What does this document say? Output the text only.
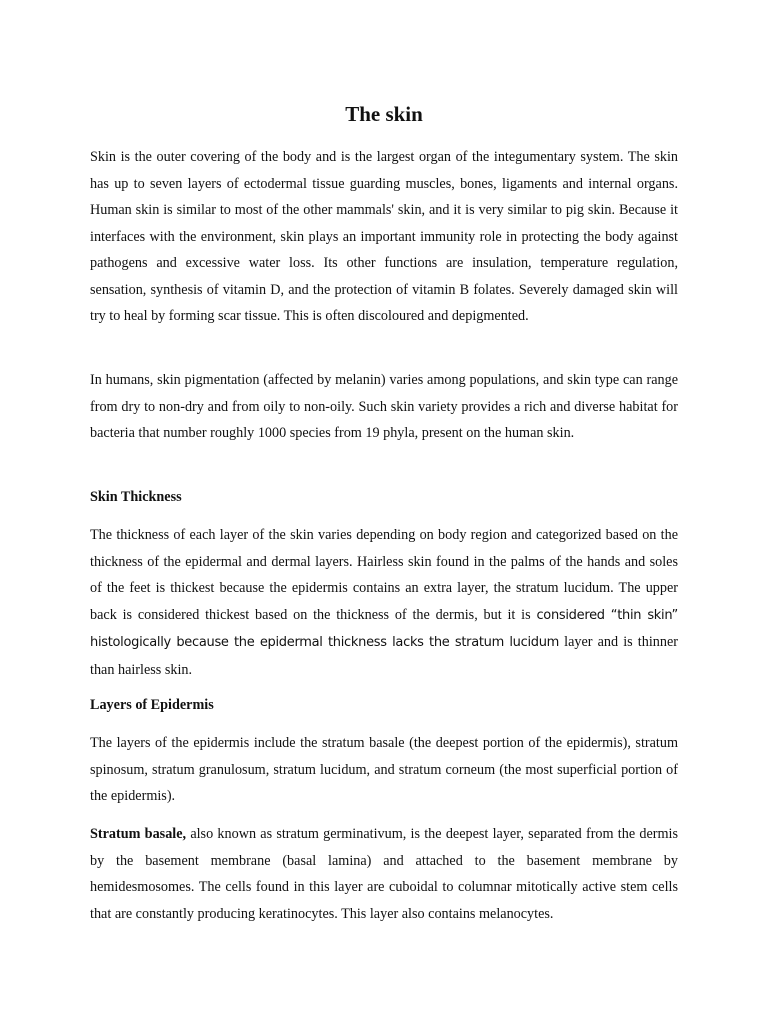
The skin

Skin is the outer covering of the body and is the largest organ of the integumentary system. The skin has up to seven layers of ectodermal tissue guarding muscles, bones, ligaments and internal organs. Human skin is similar to most of the other mammals' skin, and it is very similar to pig skin. Because it interfaces with the environment, skin plays an important immunity role in protecting the body against pathogens and excessive water loss. Its other functions are insulation, temperature regulation, sensation, synthesis of vitamin D, and the protection of vitamin B folates. Severely damaged skin will try to heal by forming scar tissue. This is often discoloured and depigmented.

In humans, skin pigmentation (affected by melanin) varies among populations, and skin type can range from dry to non-dry and from oily to non-oily. Such skin variety provides a rich and diverse habitat for bacteria that number roughly 1000 species from 19 phyla, present on the human skin.

Skin Thickness

The thickness of each layer of the skin varies depending on body region and categorized based on the thickness of the epidermal and dermal layers. Hairless skin found in the palms of the hands and soles of the feet is thickest because the epidermis contains an extra layer, the stratum lucidum. The upper back is considered thickest based on the thickness of the dermis, but it is considered “thin skin” histologically because the epidermal thickness lacks the stratum lucidum layer and is thinner than hairless skin.

Layers of Epidermis

The layers of the epidermis include the stratum basale (the deepest portion of the epidermis), stratum spinosum, stratum granulosum, stratum lucidum, and stratum corneum (the most superficial portion of the epidermis).

Stratum basale, also known as stratum germinativum, is the deepest layer, separated from the dermis by the basement membrane (basal lamina) and attached to the basement membrane by hemidesmosomes. The cells found in this layer are cuboidal to columnar mitotically active stem cells that are constantly producing keratinocytes. This layer also contains melanocytes.
